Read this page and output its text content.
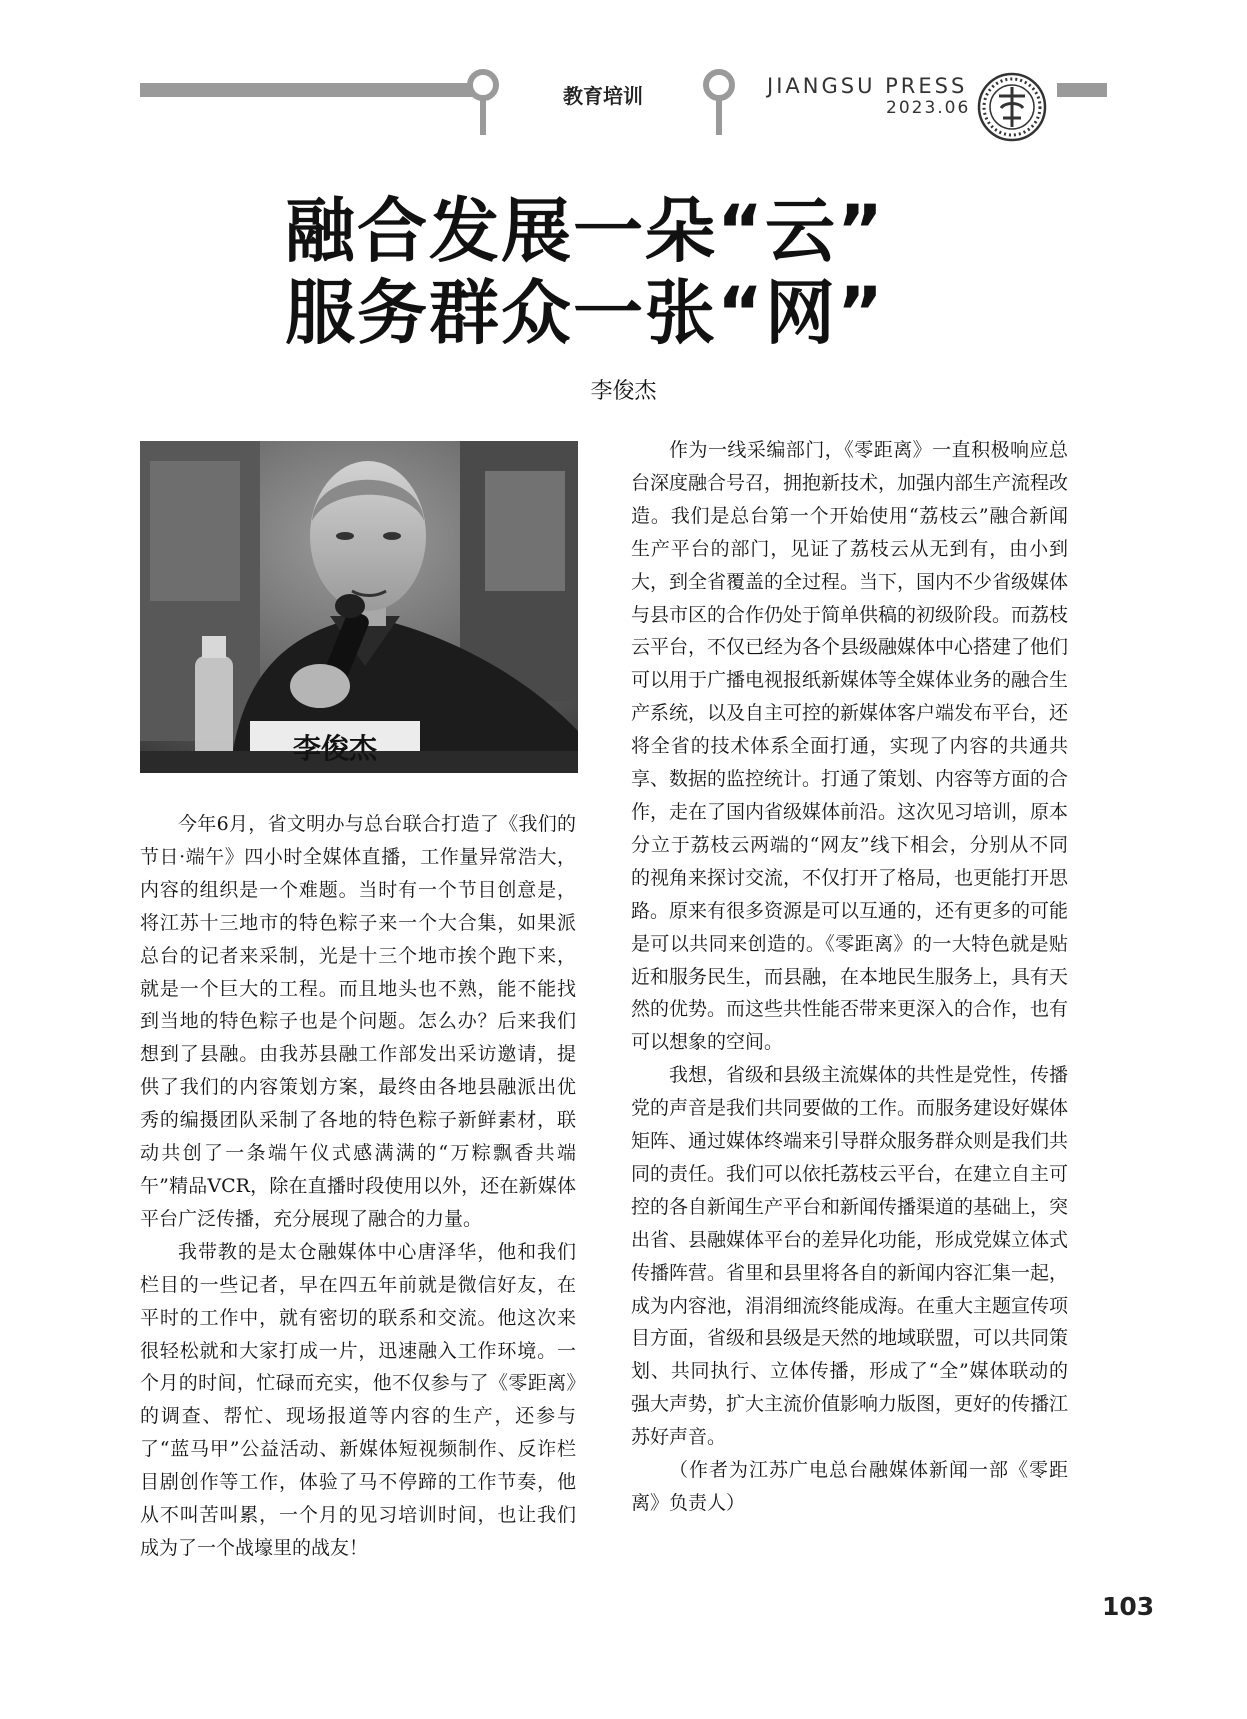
教育培训	JIANGSU PRESS
2023.06
融合发展一朵“云”
服务群众一张“网”
李俊杰
李俊杰

今年6月，省文明办与总台联合打造了《我们的节日·端午》四小时全媒体直播，工作量异常浩大，内容的组织是一个难题。当时有一个节目创意是，将江苏十三地市的特色粽子来一个大合集，如果派总台的记者来采制，光是十三个地市挨个跑下来，就是一个巨大的工程。而且地头也不熟，能不能找到当地的特色粽子也是个问题。怎么办？后来我们想到了县融。由我苏县融工作部发出采访邀请，提供了我们的内容策划方案，最终由各地县融派出优秀的编摄团队采制了各地的特色粽子新鲜素材，联动共创了一条端午仪式感满满的“万粽飘香共端午”精品VCR，除在直播时段使用以外，还在新媒体平台广泛传播，充分展现了融合的力量。

我带教的是太仓融媒体中心唐泽华，他和我们栏目的一些记者，早在四五年前就是微信好友，在平时的工作中，就有密切的联系和交流。他这次来很轻松就和大家打成一片，迅速融入工作环境。一个月的时间，忙碌而充实，他不仅参与了《零距离》的调查、帮忙、现场报道等内容的生产，还参与了“蓝马甲”公益活动、新媒体短视频制作、反诈栏目剧创作等工作，体验了马不停蹄的工作节奏，他从不叫苦叫累，一个月的见习培训时间，也让我们成为了一个战壕里的战友！

作为一线采编部门，《零距离》一直积极响应总台深度融合号召，拥抱新技术，加强内部生产流程改造。我们是总台第一个开始使用“荔枝云”融合新闻生产平台的部门，见证了荔枝云从无到有，由小到大，到全省覆盖的全过程。当下，国内不少省级媒体与县市区的合作仍处于简单供稿的初级阶段。而荔枝云平台，不仅已经为各个县级融媒体中心搭建了他们可以用于广播电视报纸新媒体等全媒体业务的融合生产系统，以及自主可控的新媒体客户端发布平台，还将全省的技术体系全面打通，实现了内容的共通共享、数据的监控统计。打通了策划、内容等方面的合作，走在了国内省级媒体前沿。这次见习培训，原本分立于荔枝云两端的“网友”线下相会，分别从不同的视角来探讨交流，不仅打开了格局，也更能打开思路。原来有很多资源是可以互通的，还有更多的可能是可以共同来创造的。《零距离》的一大特色就是贴近和服务民生，而县融，在本地民生服务上，具有天然的优势。而这些共性能否带来更深入的合作，也有可以想象的空间。

我想，省级和县级主流媒体的共性是党性，传播党的声音是我们共同要做的工作。而服务建设好媒体矩阵、通过媒体终端来引导群众服务群众则是我们共同的责任。我们可以依托荔枝云平台，在建立自主可控的各自新闻生产平台和新闻传播渠道的基础上，突出省、县融媒体平台的差异化功能，形成党媒立体式传播阵营。省里和县里将各自的新闻内容汇集一起，成为内容池，涓涓细流终能成海。在重大主题宣传项目方面，省级和县级是天然的地域联盟，可以共同策划、共同执行、立体传播，形成了“全”媒体联动的强大声势，扩大主流价值影响力版图，更好的传播江苏好声音。

（作者为江苏广电总台融媒体新闻一部《零距离》负责人）

103
